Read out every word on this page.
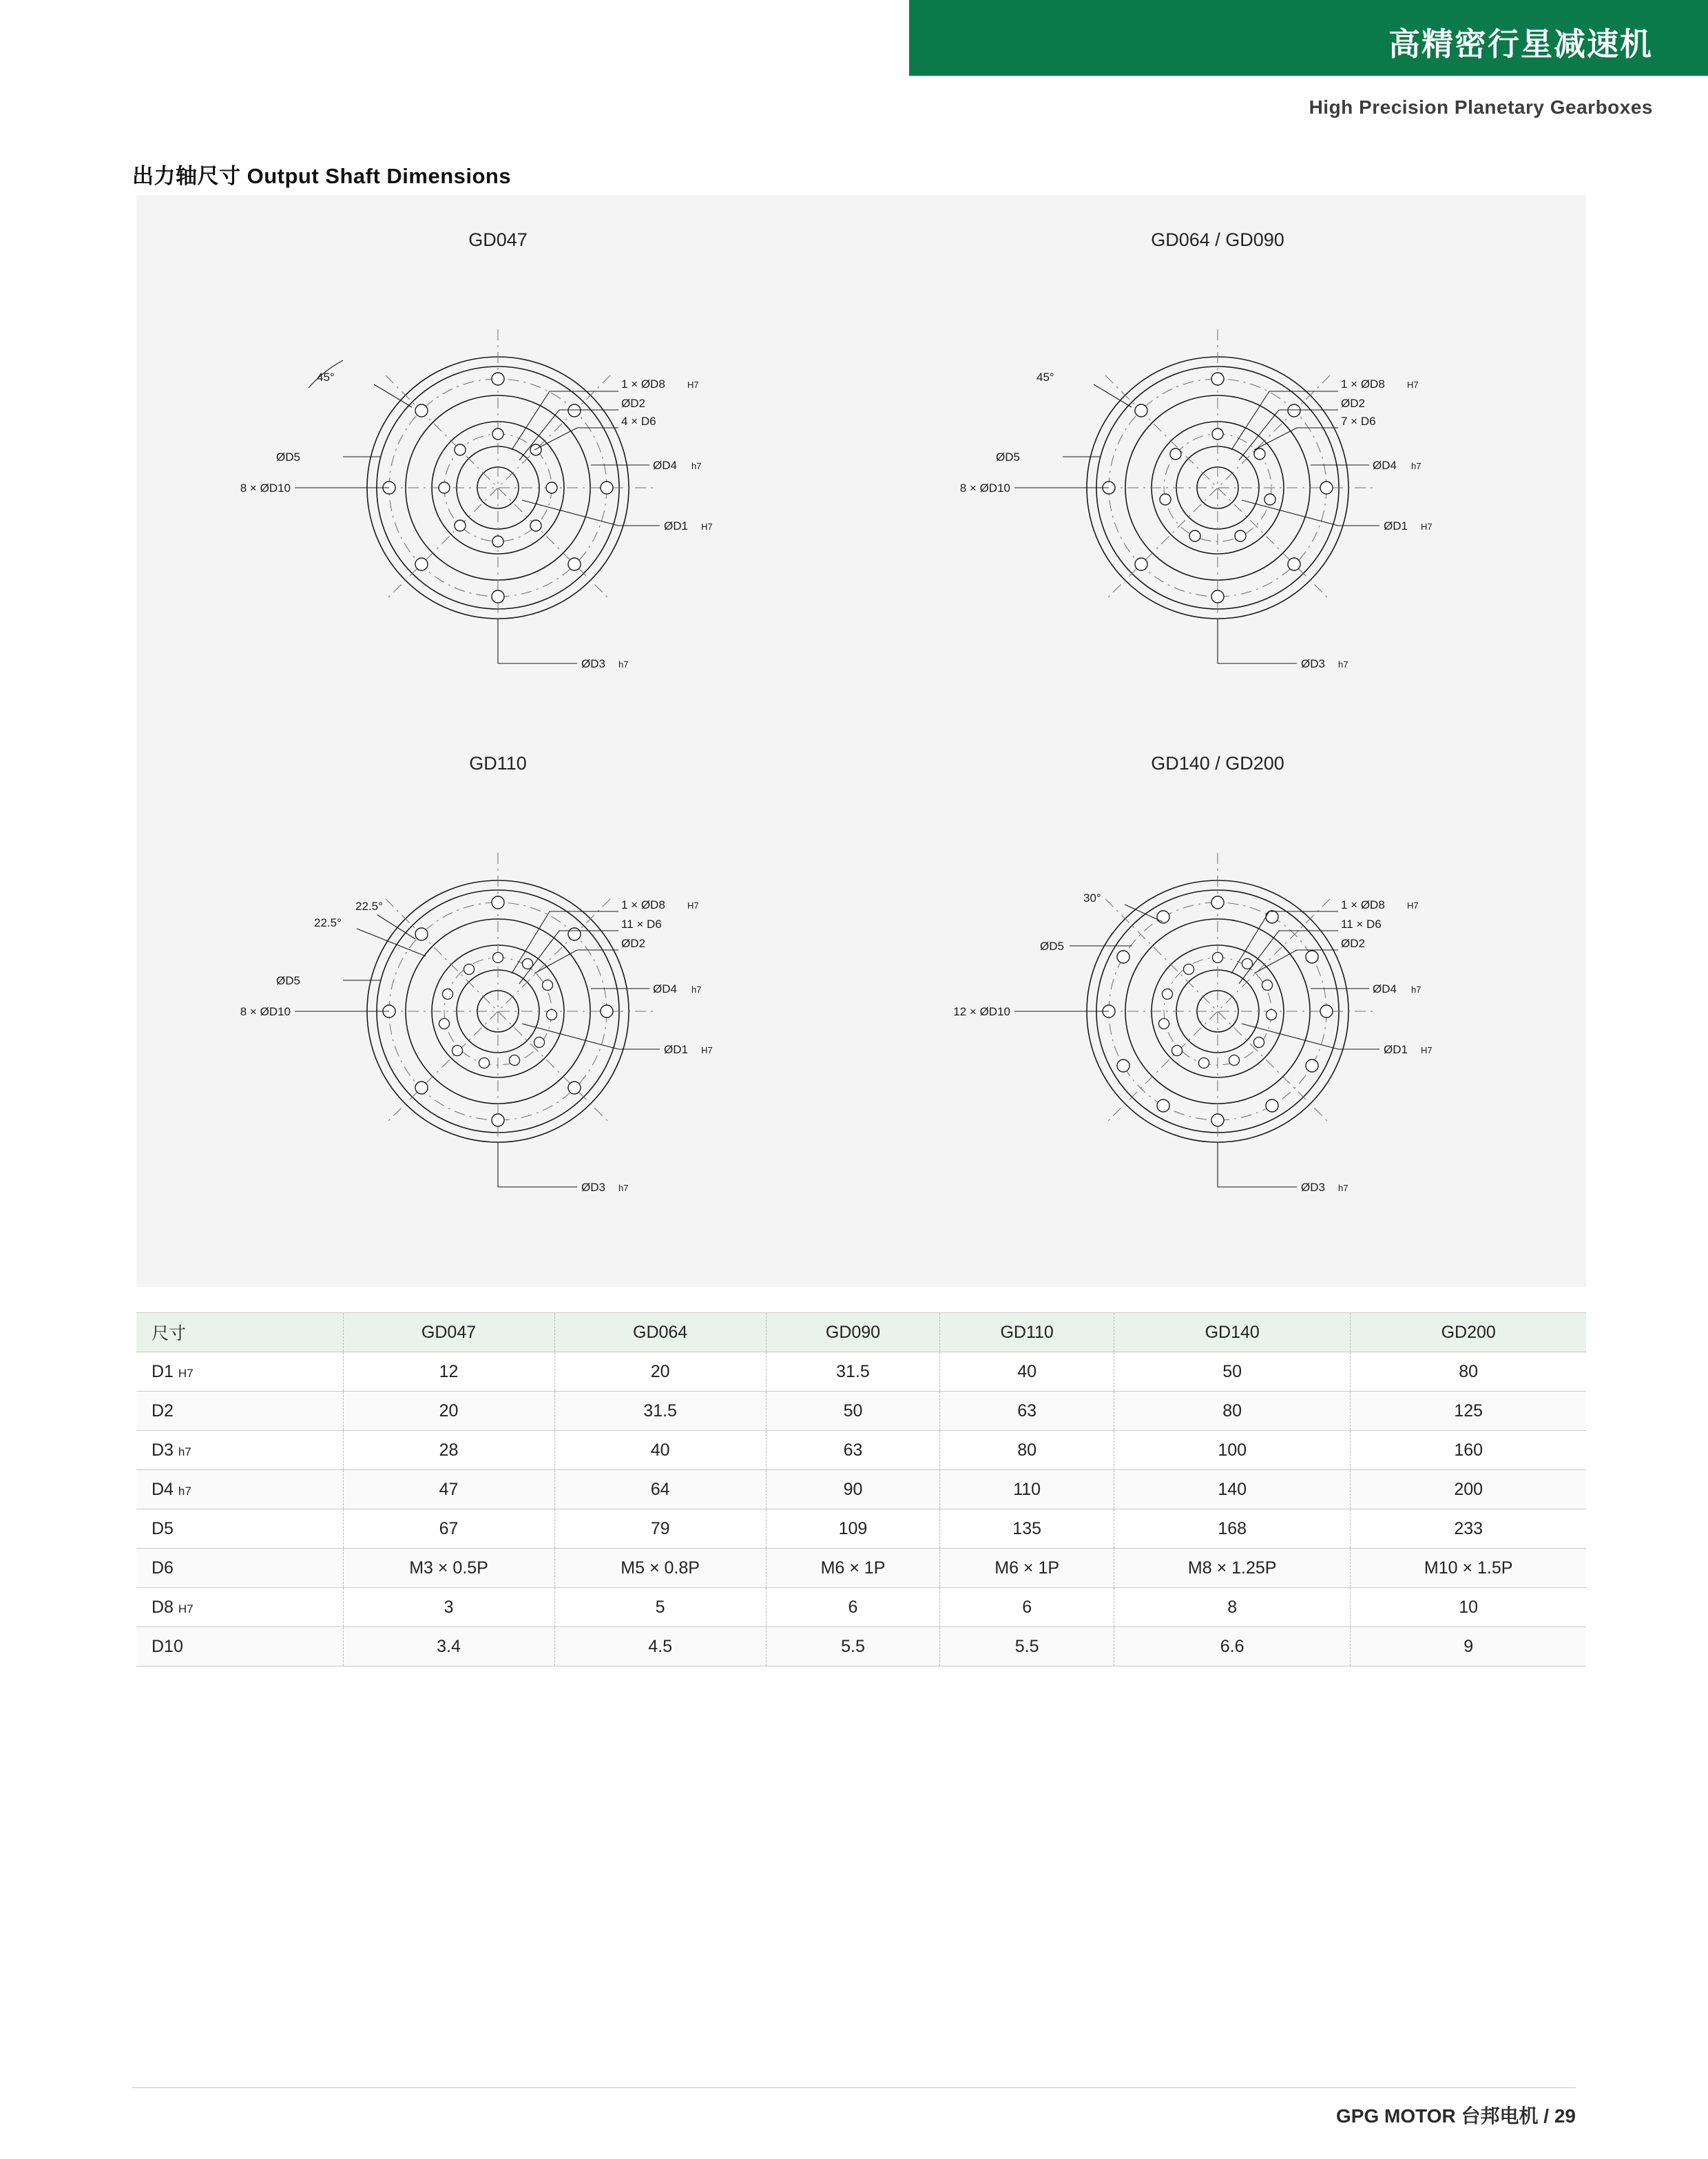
高精密行星减速机
High Precision Planetary Gearboxes
出力轴尺寸 Output Shaft Dimensions
GD047
1 × ØD8 H7
ØD2
4 × D6
ØD4 h7
ØD1 H7
ØD3 h7
ØD5
8 × ØD10
45°
GD064 / GD090
1 × ØD8 H7
ØD2
7 × D6
ØD4 h7
ØD1 H7
ØD3 h7
ØD5
8 × ØD10
45°
GD110
1 × ØD8 H7
11 × D6
ØD2
ØD4 h7
ØD1 H7
ØD3 h7
ØD5
8 × ØD10
22.5°
22.5°
GD140 / GD200
1 × ØD8 H7
11 × D6
ØD2
ØD4 h7
ØD1 H7
ØD3 h7
ØD5
12 × ØD10
30°
尺寸	GD047	GD064	GD090	GD110	GD140	GD200
D1 H7	12	20	31.5	40	50	80
D2	20	31.5	50	63	80	125
D3 h7	28	40	63	80	100	160
D4 h7	47	64	90	110	140	200
D5	67	79	109	135	168	233
D6	M3 × 0.5P	M5 × 0.8P	M6 × 1P	M6 × 1P	M8 × 1.25P	M10 × 1.5P
D8 H7	3	5	6	6	8	10
D10	3.4	4.5	5.5	5.5	6.6	9
GPG MOTOR 台邦电机 / 29
